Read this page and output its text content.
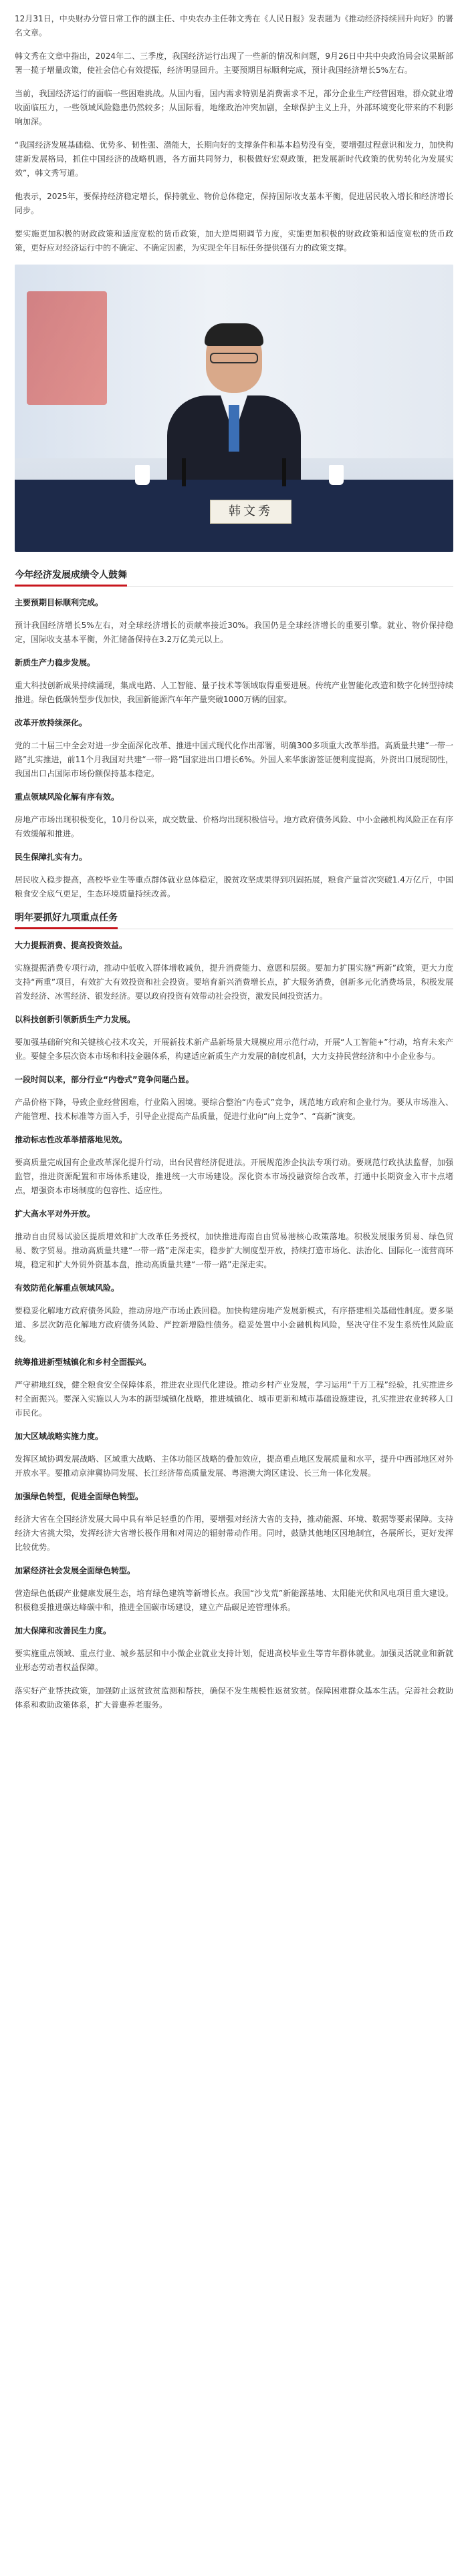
12月31日，中央财办分管日常工作的副主任、中央农办主任韩文秀在《人民日报》发表题为《推动经济持续回升向好》的署名文章。

韩文秀在文章中指出，2024年二、三季度，我国经济运行出现了一些新的情况和问题，9月26日中共中央政治局会议果断部署一揽子增量政策，使社会信心有效提振，经济明显回升。主要预期目标顺利完成，预计我国经济增长5%左右。

当前，我国经济运行的面临一些困难挑战。从国内看，国内需求特别是消费需求不足，部分企业生产经营困难，群众就业增收面临压力，一些领域风险隐患仍然较多；从国际看，地缘政治冲突加剧，全球保护主义上升，外部环境变化带来的不利影响加深。

“我国经济发展基础稳、优势多、韧性强、潜能大，长期向好的支撑条件和基本趋势没有变，要增强过程意识和发力，加快构建新发展格局，抓住中国经济的战略机遇，各方面共同努力，积极做好宏观政策，把发展新时代政策的优势转化为发展实效”，韩文秀写道。

他表示，2025年，要保持经济稳定增长，保持就业、物价总体稳定，保持国际收支基本平衡，促进居民收入增长和经济增长同步。

要实施更加积极的财政政策和适度宽松的货币政策，加大逆周期调节力度，实施更加积极的财政政策和适度宽松的货币政策，更好应对经济运行中的不确定、不确定因素，为实现全年目标任务提供强有力的政策支撑。

韩文秀
今年经济发展成绩令人鼓舞
主要预期目标顺利完成。

预计我国经济增长5%左右，对全球经济增长的贡献率接近30%。我国仍是全球经济增长的重要引擎。就业、物价保持稳定，国际收支基本平衡，外汇储备保持在3.2万亿美元以上。

新质生产力稳步发展。

重大科技创新成果持续涌现，集成电路、人工智能、量子技术等领域取得重要进展。传统产业智能化改造和数字化转型持续推进。绿色低碳转型步伐加快，我国新能源汽车年产量突破1000万辆的国家。

改革开放持续深化。

党的二十届三中全会对进一步全面深化改革、推进中国式现代化作出部署，明确300多项重大改革举措。高质量共建“一带一路”扎实推进，前11个月我国对共建“一带一路”国家进出口增长6%。外国人来华旅游签证便利度提高，外资出口展现韧性，我国出口占国际市场份额保持基本稳定。

重点领域风险化解有序有效。

房地产市场出现积极变化，10月份以来，成交数量、价格均出现积极信号。地方政府债务风险、中小金融机构风险正在有序有效缓解和推进。

民生保障扎实有力。

居民收入稳步提高，高校毕业生等重点群体就业总体稳定，脱贫攻坚成果得到巩固拓展，粮食产量首次突破1.4万亿斤，中国粮食安全底气更足，生态环境质量持续改善。

明年要抓好九项重点任务
大力提振消费、提高投资效益。

实施提振消费专项行动，推动中低收入群体增收减负，提升消费能力、意愿和层级。要加力扩围实施“两新”政策，更大力度支持“两重”项目，有效扩大有效投资和社会投资。要培育新兴消费增长点，扩大服务消费，创新多元化消费场景，积极发展首发经济、冰雪经济、银发经济。要以政府投资有效带动社会投资，激发民间投资活力。

以科技创新引领新质生产力发展。

要加强基础研究和关键核心技术攻关，开展新技术新产品新场景大规模应用示范行动，开展“人工智能+”行动，培育未来产业。要健全多层次资本市场和科技金融体系，构建适应新质生产力发展的制度机制，大力支持民营经济和中小企业参与。

一段时间以来，部分行业“内卷式”竞争问题凸显。

产品价格下降，导致企业经营困难，行业陷入困境。要综合整治“内卷式”竞争，规范地方政府和企业行为。要从市场准入、产能管理、技术标准等方面入手，引导企业提高产品质量，促进行业向“向上竞争”、“高新”演变。

推动标志性改革举措落地见效。

要高质量完成国有企业改革深化提升行动，出台民营经济促进法。开展规范涉企执法专项行动。要规范行政执法监督，加强监管，推进资源配置和市场体系建设，推进统一大市场建设。深化资本市场投融资综合改革，打通中长期资金入市卡点堵点，增强资本市场制度的包容性、适应性。

扩大高水平对外开放。

推动自由贸易试验区提质增效和扩大改革任务授权，加快推进海南自由贸易港核心政策落地。积极发展服务贸易、绿色贸易、数字贸易。推动高质量共建“一带一路”走深走实，稳步扩大制度型开放，持续打造市场化、法治化、国际化一流营商环境，稳定和扩大外贸外资基本盘，推动高质量共建“一带一路”走深走实。

有效防范化解重点领域风险。

要稳妥化解地方政府债务风险，推动房地产市场止跌回稳。加快构建房地产发展新模式，有序搭建相关基础性制度。要多渠道、多层次防范化解地方政府债务风险、严控新增隐性债务。稳妥处置中小金融机构风险，坚决守住不发生系统性风险底线。

统筹推进新型城镇化和乡村全面振兴。

严守耕地红线，健全粮食安全保障体系，推进农业现代化建设。推动乡村产业发展，学习运用“千万工程”经验，扎实推进乡村全面振兴。要深入实施以人为本的新型城镇化战略，推进城镇化、城市更新和城市基础设施建设，扎实推进农业转移人口市民化。

加大区域战略实施力度。

发挥区域协调发展战略、区域重大战略、主体功能区战略的叠加效应，提高重点地区发展质量和水平，提升中西部地区对外开放水平。要推动京津冀协同发展、长江经济带高质量发展、粤港澳大湾区建设、长三角一体化发展。

加强绿色转型，促进全面绿色转型。

经济大省在全国经济发展大局中具有举足轻重的作用，要增强对经济大省的支持，推动能源、环境、数据等要素保障。支持经济大省挑大梁，发挥经济大省增长极作用和对周边的辐射带动作用。同时，鼓励其他地区因地制宜，各展所长，更好发挥比较优势。

加紧经济社会发展全面绿色转型。

营造绿色低碳产业健康发展生态，培育绿色建筑等新增长点。我国“沙戈荒”新能源基地、太阳能光伏和风电项目重大建设。积极稳妥推进碳达峰碳中和，推进全国碳市场建设，建立产品碳足迹管理体系。

加大保障和改善民生力度。

要实施重点领域、重点行业、城乡基层和中小微企业就业支持计划，促进高校毕业生等青年群体就业。加强灵活就业和新就业形态劳动者权益保障。

落实好产业帮扶政策，加强防止返贫致贫监测和帮扶，确保不发生规模性返贫致贫。保障困难群众基本生活。完善社会救助体系和救助政策体系，扩大普惠养老服务。
